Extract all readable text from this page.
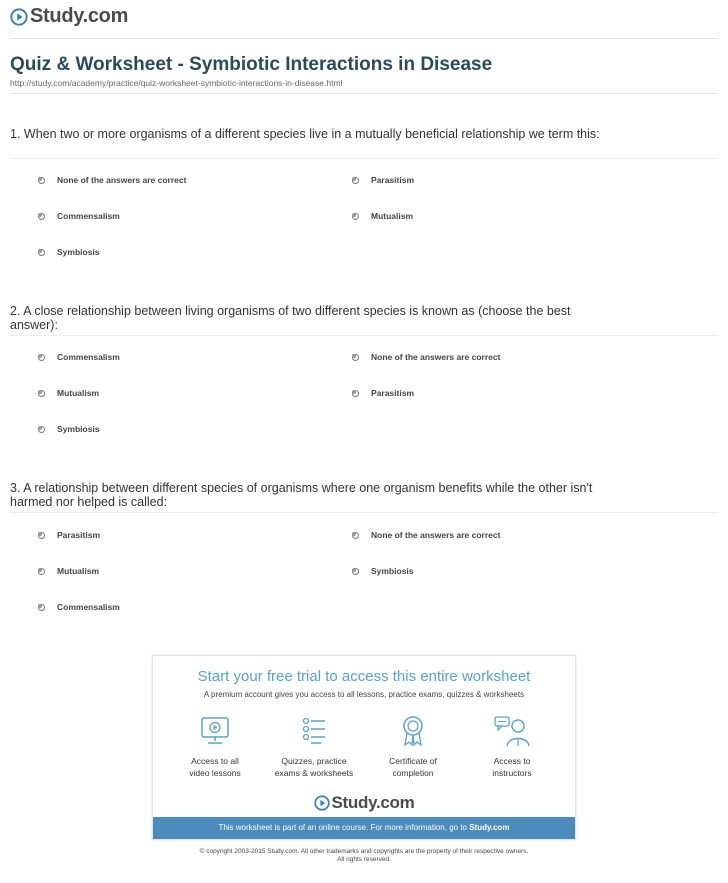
Study.com
Quiz & Worksheet - Symbiotic Interactions in Disease
http://study.com/academy/practice/quiz-worksheet-symbiotic-interactions-in-disease.html
1. When two or more organisms of a different species live in a mutually beneficial relationship we term this:
None of the answers are correct	Parasitism
Commensalism	Mutualism
Symbiosis
2. A close relationship between living organisms of two different species is known as (choose the best answer):
Commensalism	None of the answers are correct
Mutualism	Parasitism
Symbiosis
3. A relationship between different species of organisms where one organism benefits while the other isn't harmed nor helped is called:
Parasitism	None of the answers are correct
Mutualism	Symbiosis
Commensalism
Start your free trial to access this entire worksheet
A premium account gives you access to all lessons, practice exams, quizzes & worksheets
Access to all
video lessons
Quizzes, practice
exams & worksheets
Certificate of
completion
Access to
instructors
Study.com
This worksheet is part of an online course. For more information, go to Study.com
© copyright 2003-2015 Study.com. All other trademarks and copyrights are the property of their respective owners.
All rights reserved.
